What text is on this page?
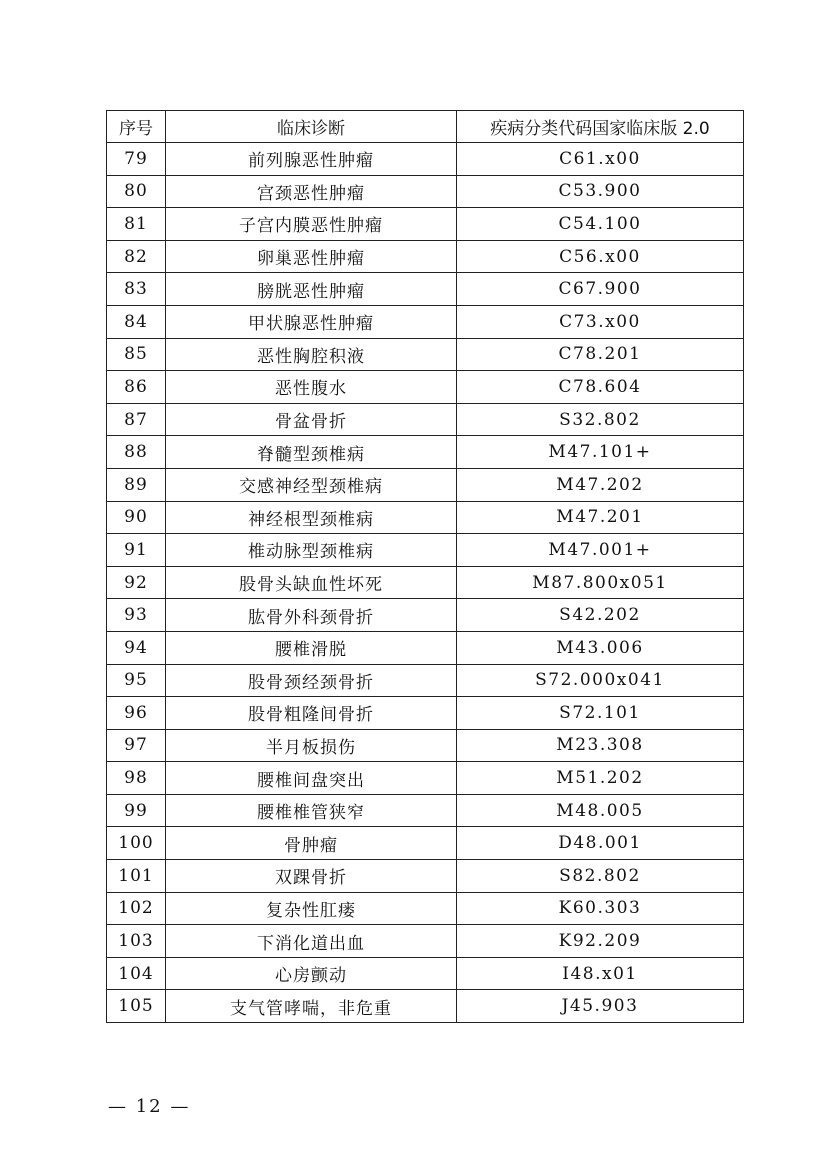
序号	临床诊断	疾病分类代码国家临床版 2.0
79	前列腺恶性肿瘤	C61.x00
80	宫颈恶性肿瘤	C53.900
81	子宫内膜恶性肿瘤	C54.100
82	卵巢恶性肿瘤	C56.x00
83	膀胱恶性肿瘤	C67.900
84	甲状腺恶性肿瘤	C73.x00
85	恶性胸腔积液	C78.201
86	恶性腹水	C78.604
87	骨盆骨折	S32.802
88	脊髓型颈椎病	M47.101+
89	交感神经型颈椎病	M47.202
90	神经根型颈椎病	M47.201
91	椎动脉型颈椎病	M47.001+
92	股骨头缺血性坏死	M87.800x051
93	肱骨外科颈骨折	S42.202
94	腰椎滑脱	M43.006
95	股骨颈经颈骨折	S72.000x041
96	股骨粗隆间骨折	S72.101
97	半月板损伤	M23.308
98	腰椎间盘突出	M51.202
99	腰椎椎管狭窄	M48.005
100	骨肿瘤	D48.001
101	双踝骨折	S82.802
102	复杂性肛瘘	K60.303
103	下消化道出血	K92.209
104	心房颤动	I48.x01
105	支气管哮喘，非危重	J45.903
— 12 —
